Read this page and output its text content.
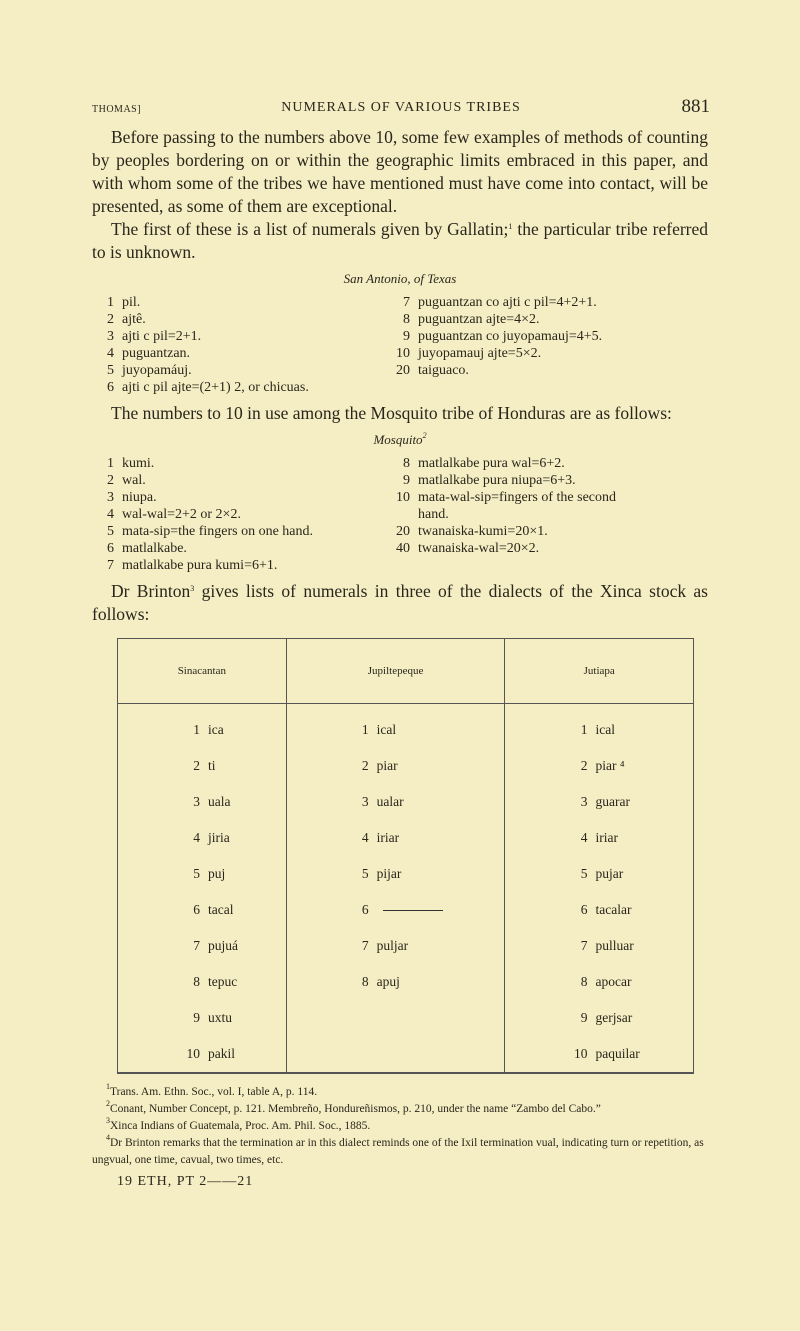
THOMAS]	NUMERALS OF VARIOUS TRIBES	881

Before passing to the numbers above 10, some few examples of methods of counting by peoples bordering on or within the geographic limits embraced in this paper, and with whom some of the tribes we have mentioned must have come into contact, will be presented, as some of them are exceptional.

The first of these is a list of numerals given by Gallatin;$^1$ the particular tribe referred to is unknown.

San Antonio, of Texas
1 pil.
2 ajtê.
3 ajti c pil=2+1.
4 puguantzan.
5 juyopamáuj.
6 ajti c pil ajte=(2+1) 2, or chicuas.
7 puguantzan co ajti c pil=4+2+1.
8 puguantzan ajte=4×2.
9 puguantzan co juyopamauj=4+5.
10 juyopamauj ajte=5×2.
20 taiguaco.

The numbers to 10 in use among the Mosquito tribe of Honduras are as follows:

Mosquito$^2$
1 kumi.
2 wal.
3 niupa.
4 wal-wal=2+2 or 2×2.
5 mata-sip=the fingers on one hand.
6 matlalkabe.
7 matlalkabe pura kumi=6+1.
8 matlalkabe pura wal=6+2.
9 matlalkabe pura niupa=6+3.
10 mata-wal-sip=fingers of the second
hand.
20 twanaiska-kumi=20×1.
40 twanaiska-wal=20×2.

Dr Brinton$^3$ gives lists of numerals in three of the dialects of the Xinca stock as follows:

Sinacantan	Jupiltepeque	Jutiapa
1 ica	1 ical	1 ical
2 ti	2 piar	2 piar ⁴
3 uala	3 ualar	3 guarar
4 jiria	4 iriar	4 iriar
5 puj	5 pijar	5 pujar
6 tacal	6	6 tacalar
7 pujuá	7 puljar	7 pulluar
8 tepuc	8 apuj	8 apocar
9 uxtu		9 gerjsar
10 pakil		10 paquilar

$^1$Trans. Am. Ethn. Soc., vol. I, table A, p. 114.

$^2$Conant, Number Concept, p. 121. Membreño, Hondureñismos, p. 210, under the name “Zambo del Cabo.”

$^3$Xinca Indians of Guatemala, Proc. Am. Phil. Soc., 1885.

$^4$Dr Brinton remarks that the termination ar in this dialect reminds one of the Ixil termination vual, indicating turn or repetition, as ungvual, one time, cavual, two times, etc.

19 ETH, PT 2——21
